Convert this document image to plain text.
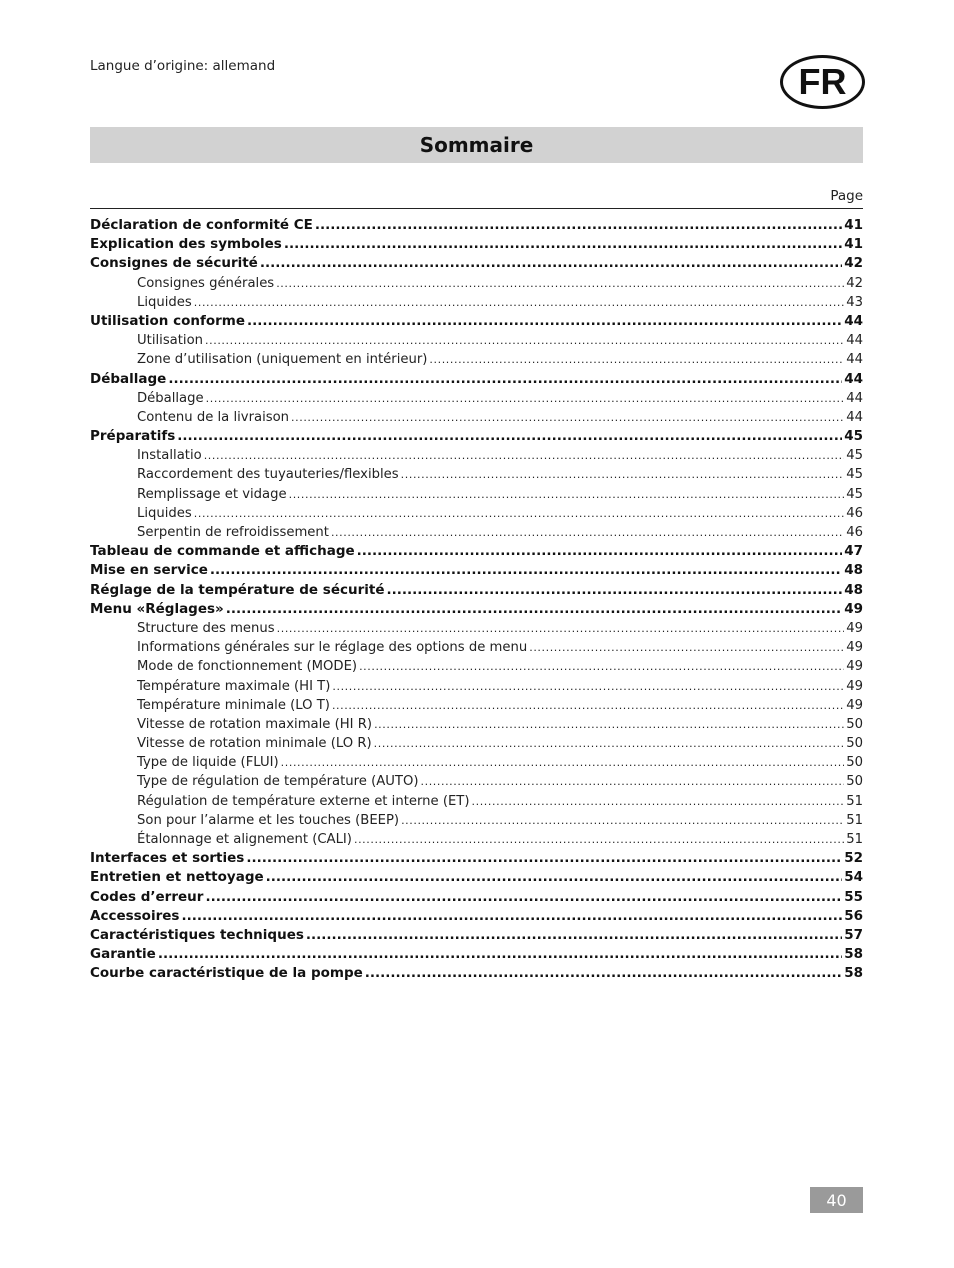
Langue d’origine: allemand	FR
Sommaire
Page
Déclaration de conformité CE .....	41
Explication des symboles .....	41
Consignes de sécurité .....	42
Consignes générales .....	42
Liquides .....	43
Utilisation conforme .....	44
Utilisation .....	44
Zone d’utilisation (uniquement en intérieur) .....	44
Déballage .....	44
Déballage .....	44
Contenu de la livraison .....	44
Préparatifs .....	45
Installatio .....	45
Raccordement des tuyauteries/flexibles .....	45
Remplissage et vidage .....	45
Liquides .....	46
Serpentin de refroidissement .....	46
Tableau de commande et affichage .....	47
Mise en service .....	48
Réglage de la température de sécurité .....	48
Menu «Réglages» .....	49
Structure des menus .....	49
Informations générales sur le réglage des options de menu .....	49
Mode de fonctionnement (MODE) .....	49
Température maximale (HI T) .....	49
Température minimale (LO T) .....	49
Vitesse de rotation maximale (HI R) .....	50
Vitesse de rotation minimale (LO R) .....	50
Type de liquide (FLUI) .....	50
Type de régulation de température (AUTO) .....	50
Régulation de température externe et interne (ET) .....	51
Son pour l’alarme et les touches (BEEP) .....	51
Étalonnage et alignement (CALI) .....	51
Interfaces et sorties .....	52
Entretien et nettoyage .....	54
Codes d’erreur .....	55
Accessoires .....	56
Caractéristiques techniques .....	57
Garantie .....	58
Courbe caractéristique de la pompe .....	58
40
